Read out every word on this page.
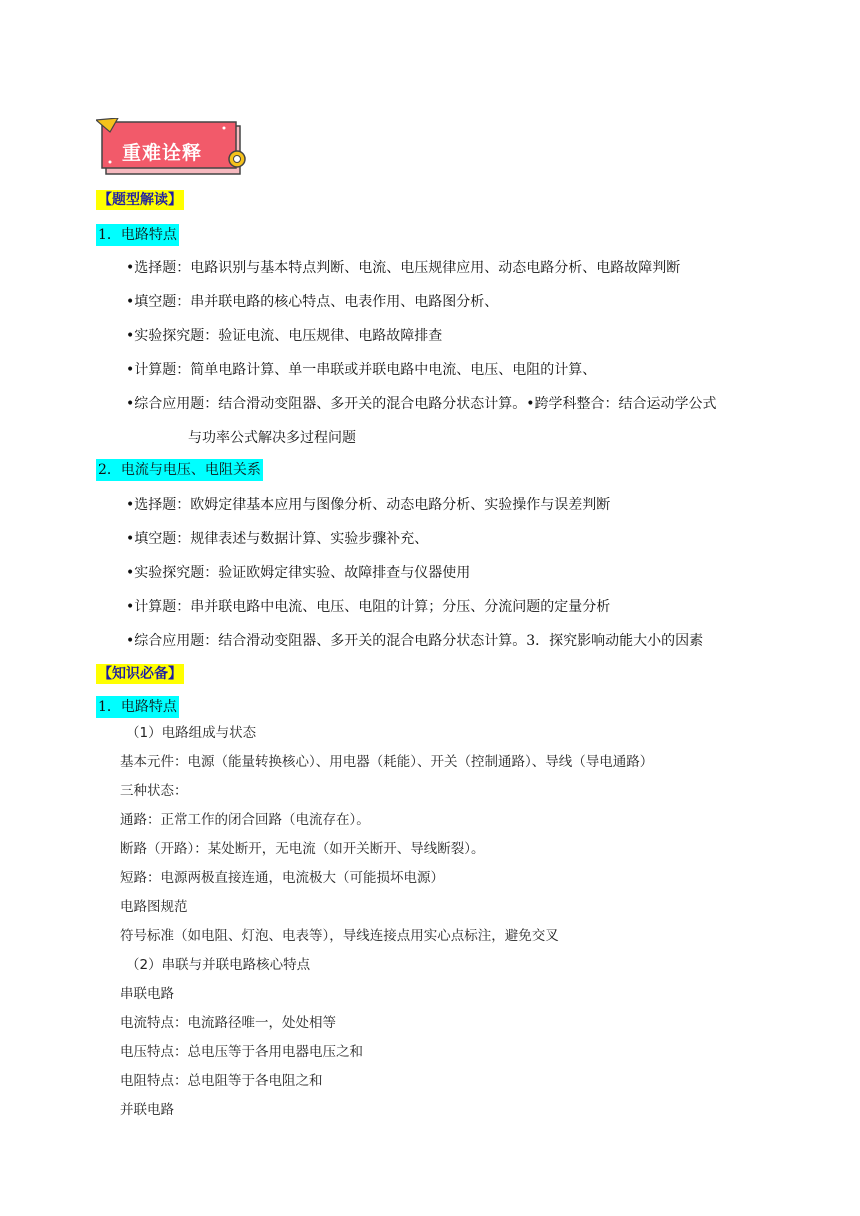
重难诠释
【题型解读】
1．电路特点
•选择题：电路识别与基本特点判断、电流、电压规律应用、动态电路分析、电路故障判断
•填空题：串并联电路的核心特点、电表作用、电路图分析、
•实验探究题：验证电流、电压规律、电路故障排查
•计算题：简单电路计算、单一串联或并联电路中电流、电压、电阻的计算、
•综合应用题：结合滑动变阻器、多开关的混合电路分状态计算。•跨学科整合：结合运动学公式
与功率公式解决多过程问题
2．电流与电压、电阻关系
•选择题：欧姆定律基本应用与图像分析、动态电路分析、实验操作与误差判断
•填空题：规律表述与数据计算、实验步骤补充、
•实验探究题：验证欧姆定律实验、故障排查与仪器使用
•计算题：串并联电路中电流、电压、电阻的计算；分压、分流问题的定量分析
•综合应用题：结合滑动变阻器、多开关的混合电路分状态计算。3．探究影响动能大小的因素
【知识必备】
1．电路特点
（1）电路组成与状态
基本元件：电源（能量转换核心）、用电器（耗能）、开关（控制通路）、导线（导电通路）
三种状态：
通路：正常工作的闭合回路（电流存在）。
断路（开路）：某处断开，无电流（如开关断开、导线断裂）。
短路：电源两极直接连通，电流极大（可能损坏电源）
电路图规范
符号标准（如电阻、灯泡、电表等），导线连接点用实心点标注，避免交叉
（2）串联与并联电路核心特点
串联电路
电流特点：电流路径唯一，处处相等
电压特点：总电压等于各用电器电压之和
电阻特点：总电阻等于各电阻之和
并联电路
